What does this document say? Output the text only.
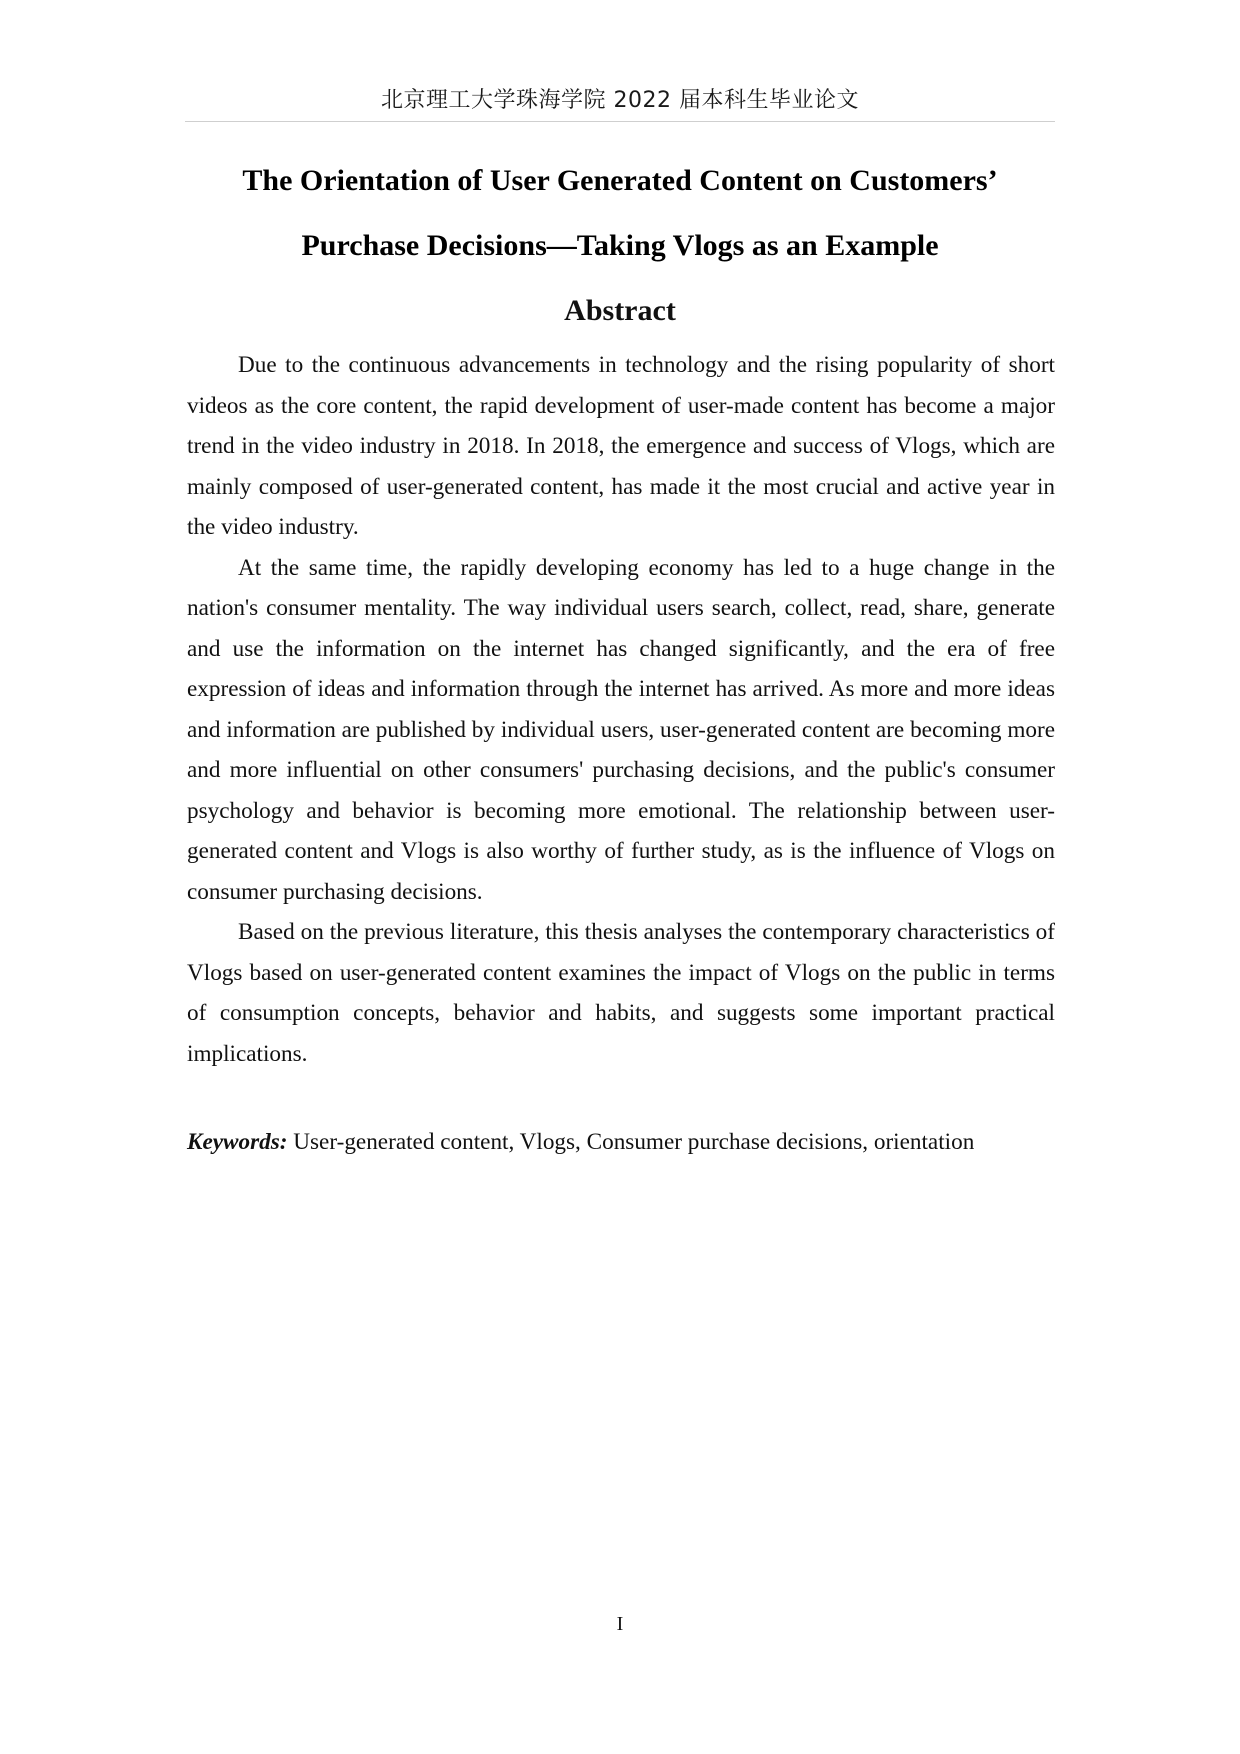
北京理工大学珠海学院 2022 届本科生毕业论文
The Orientation of User Generated Content on Customers’
Purchase Decisions—Taking Vlogs as an Example
Abstract

Due to the continuous advancements in technology and the rising popularity of short videos as the core content, the rapid development of user-made content has become a major trend in the video industry in 2018. In 2018, the emergence and success of Vlogs, which are mainly composed of user-generated content, has made it the most crucial and active year in the video industry.

At the same time, the rapidly developing economy has led to a huge change in the nation's consumer mentality. The way individual users search, collect, read, share, generate and use the information on the internet has changed significantly, and the era of free expression of ideas and information through the internet has arrived. As more and more ideas and information are published by individual users, user-generated content are becoming more and more influential on other consumers' purchasing decisions, and the public's consumer psychology and behavior is becoming more emotional. The relationship between user-generated content and Vlogs is also worthy of further study, as is the influence of Vlogs on consumer purchasing decisions.

Based on the previous literature, this thesis analyses the contemporary characteristics of Vlogs based on user-generated content examines the impact of Vlogs on the public in terms of consumption concepts, behavior and habits, and suggests some important practical implications.

Keywords: User-generated content, Vlogs, Consumer purchase decisions, orientation
I
